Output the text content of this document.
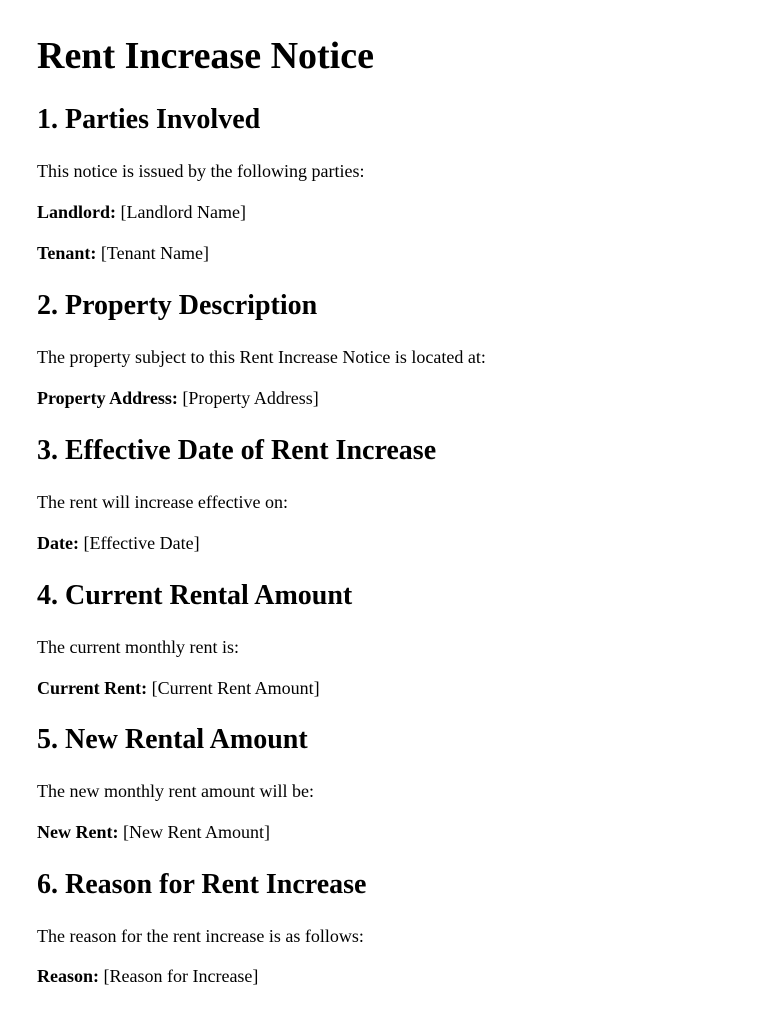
Rent Increase Notice
1. Parties Involved

This notice is issued by the following parties:

Landlord: [Landlord Name]

Tenant: [Tenant Name]

2. Property Description

The property subject to this Rent Increase Notice is located at:

Property Address: [Property Address]

3. Effective Date of Rent Increase

The rent will increase effective on:

Date: [Effective Date]

4. Current Rental Amount

The current monthly rent is:

Current Rent: [Current Rent Amount]

5. New Rental Amount

The new monthly rent amount will be:

New Rent: [New Rent Amount]

6. Reason for Rent Increase

The reason for the rent increase is as follows:

Reason: [Reason for Increase]
